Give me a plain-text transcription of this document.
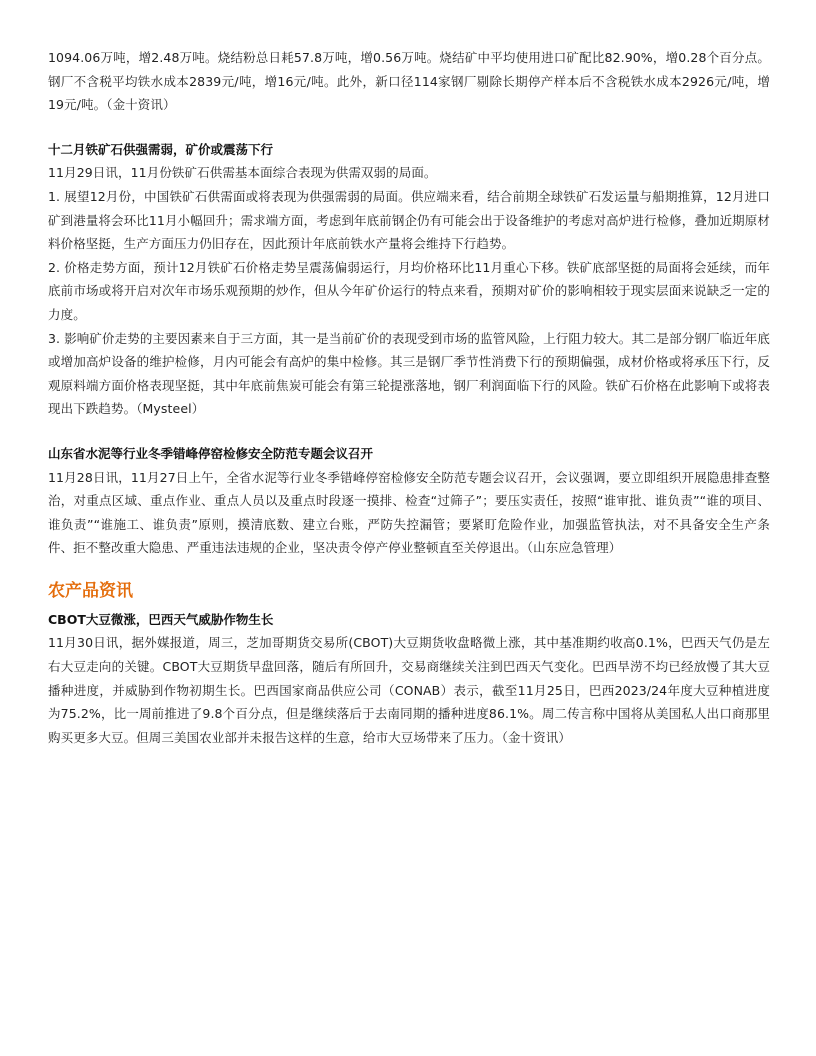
1094.06万吨，增2.48万吨。烧结粉总日耗57.8万吨，增0.56万吨。烧结矿中平均使用进口矿配比82.90%，增0.28个百分点。钢厂不含税平均铁水成本2839元/吨，增16元/吨。此外，新口径114家钢厂剔除长期停产样本后不含税铁水成本2926元/吨，增19元/吨。（金十资讯）

十二月铁矿石供强需弱，矿价或震荡下行

11月29日讯，11月份铁矿石供需基本面综合表现为供需双弱的局面。

1. 展望12月份，中国铁矿石供需面或将表现为供强需弱的局面。供应端来看，结合前期全球铁矿石发运量与船期推算，12月进口矿到港量将会环比11月小幅回升；需求端方面，考虑到年底前钢企仍有可能会出于设备维护的考虑对高炉进行检修，叠加近期原材料价格坚挺，生产方面压力仍旧存在，因此预计年底前铁水产量将会维持下行趋势。

2. 价格走势方面，预计12月铁矿石价格走势呈震荡偏弱运行，月均价格环比11月重心下移。铁矿底部坚挺的局面将会延续，而年底前市场或将开启对次年市场乐观预期的炒作，但从今年矿价运行的特点来看，预期对矿价的影响相较于现实层面来说缺乏一定的力度。

3. 影响矿价走势的主要因素来自于三方面，其一是当前矿价的表现受到市场的监管风险，上行阻力较大。其二是部分钢厂临近年底或增加高炉设备的维护检修，月内可能会有高炉的集中检修。其三是钢厂季节性消费下行的预期偏强，成材价格或将承压下行，反观原料端方面价格表现坚挺，其中年底前焦炭可能会有第三轮提涨落地，钢厂利润面临下行的风险。铁矿石价格在此影响下或将表现出下跌趋势。（Mysteel）

山东省水泥等行业冬季错峰停窑检修安全防范专题会议召开

11月28日讯，11月27日上午，全省水泥等行业冬季错峰停窑检修安全防范专题会议召开，会议强调，要立即组织开展隐患排查整治，对重点区域、重点作业、重点人员以及重点时段逐一摸排、检查“过筛子”；要压实责任，按照“谁审批、谁负责”“谁的项目、谁负责”“谁施工、谁负责”原则，摸清底数、建立台账，严防失控漏管；要紧盯危险作业，加强监管执法，对不具备安全生产条件、拒不整改重大隐患、严重违法违规的企业，坚决责令停产停业整顿直至关停退出。（山东应急管理）

农产品资讯

CBOT大豆微涨，巴西天气威胁作物生长

11月30日讯，据外媒报道，周三，芝加哥期货交易所(CBOT)大豆期货收盘略微上涨，其中基准期约收高0.1%，巴西天气仍是左右大豆走向的关键。CBOT大豆期货早盘回落，随后有所回升，交易商继续关注到巴西天气变化。巴西旱涝不均已经放慢了其大豆播种进度，并威胁到作物初期生长。巴西国家商品供应公司（CONAB）表示，截至11月25日，巴西2023/24年度大豆种植进度为75.2%，比一周前推进了9.8个百分点，但是继续落后于去南同期的播种进度86.1%。周二传言称中国将从美国私人出口商那里购买更多大豆。但周三美国农业部并未报告这样的生意，给市大豆场带来了压力。（金十资讯）
